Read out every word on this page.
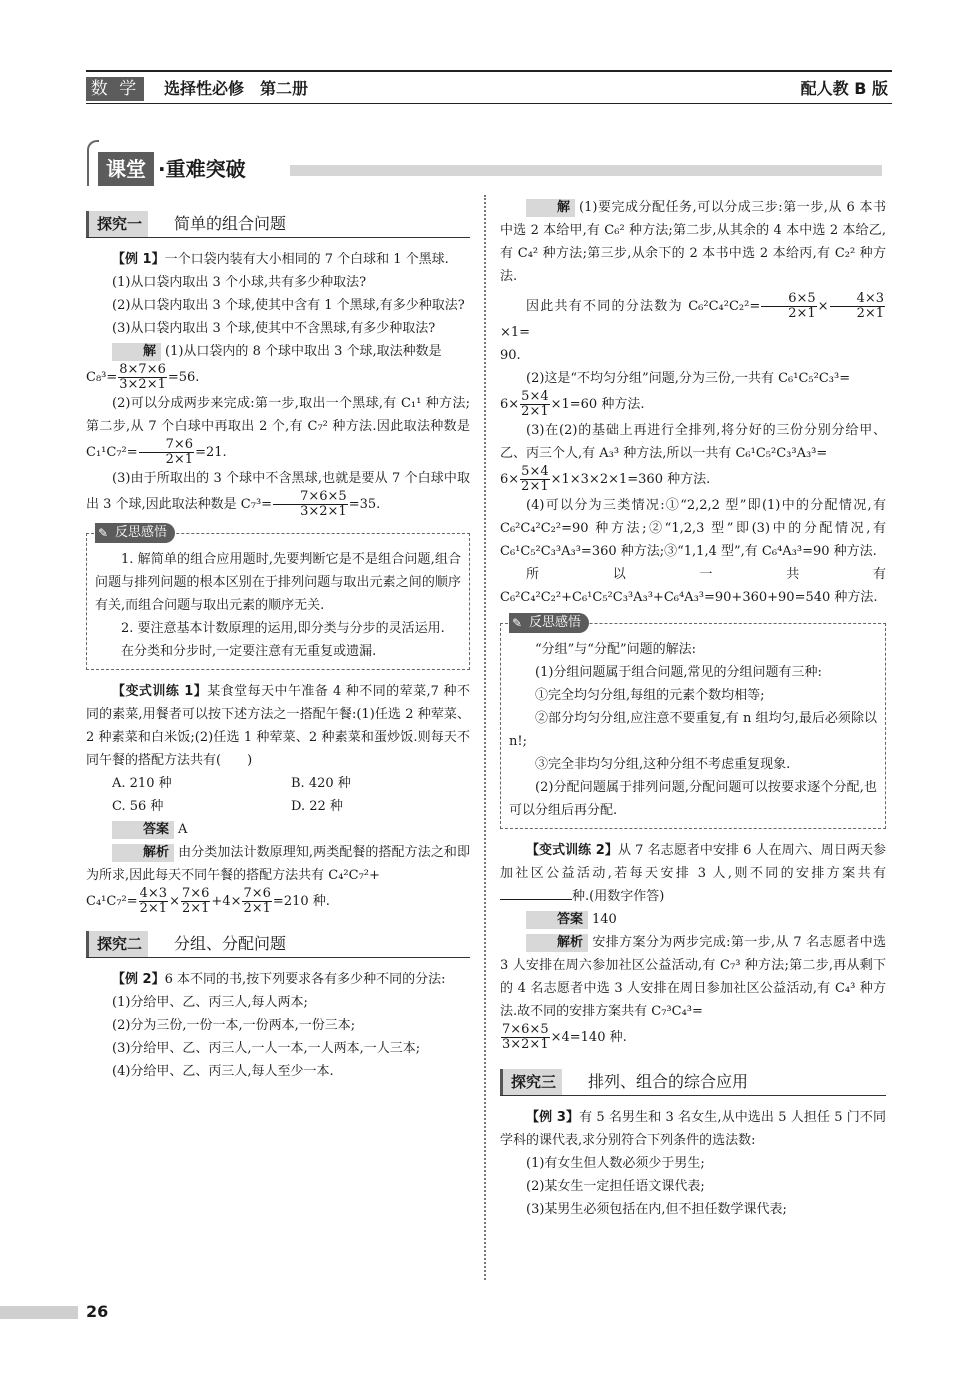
数 学 选择性必修　第二册	配人教 B 版
课堂 ·重难突破
探究一	简单的组合问题

【例 1】一个口袋内装有大小相同的 7 个白球和 1 个黑球.

(1)从口袋内取出 3 个小球,共有多少种取法?

(2)从口袋内取出 3 个球,使其中含有 1 个黑球,有多少种取法?

(3)从口袋内取出 3 个球,使其中不含黑球,有多少种取法?

解 (1)从口袋内的 8 个球中取出 3 个球,取法种数是

$C_8^3= \frac{8\times 7\times 6}{3\times 2\times 1} =56$.

(2)可以分成两步来完成:第一步,取出一个黑球,有 C₁¹ 种方法;第二步,从 7 个白球中再取出 2 个,有 C₇² 种方法.因此取法种数是 $C_1^1C_7^2= \frac{7\times 6}{2\times 1} =21$.

(3)由于所取出的 3 个球中不含黑球,也就是要从 7 个白球中取出 3 个球,因此取法种数是 $C_7^3= \frac{7\times 6\times 5}{3\times 2\times 1} =35$.

✎ 反思感悟

1. 解简单的组合应用题时,先要判断它是不是组合问题,组合问题与排列问题的根本区别在于排列问题与取出元素之间的顺序有关,而组合问题与取出元素的顺序无关.

2. 要注意基本计数原理的运用,即分类与分步的灵活运用.

在分类和分步时,一定要注意有无重复或遗漏.

【变式训练 1】某食堂每天中午准备 4 种不同的荤菜,7 种不同的素菜,用餐者可以按下述方法之一搭配午餐:(1)任选 2 种荤菜、2 种素菜和白米饭;(2)任选 1 种荤菜、2 种素菜和蛋炒饭.则每天不同午餐的搭配方法共有(　　)

A. 210 种	B. 420 种
C. 56 种	D. 22 种

答案 A

解析 由分类加法计数原理知,两类配餐的搭配方法之和即为所求,因此每天不同午餐的搭配方法共有 C₄²C₇²+

$C_4^1C_7^2= \frac{4\times 3}{2\times 1} \times \frac{7\times 6}{2\times 1} +4\times \frac{7\times 6}{2\times 1} =210$ 种.

探究二	分组、分配问题

【例 2】6 本不同的书,按下列要求各有多少种不同的分法:

(1)分给甲、乙、丙三人,每人两本;

(2)分为三份,一份一本,一份两本,一份三本;

(3)分给甲、乙、丙三人,一人一本,一人两本,一人三本;

(4)分给甲、乙、丙三人,每人至少一本.

解 (1)要完成分配任务,可以分成三步:第一步,从 6 本书中选 2 本给甲,有 C₆² 种方法;第二步,从其余的 4 本中选 2 本给乙,有 C₄² 种方法;第三步,从余下的 2 本书中选 2 本给丙,有 C₂² 种方法.

因此共有不同的分法数为 $C_6^2C_4^2C_2^2= \frac{6\times 5}{2\times 1} \times \frac{4\times 3}{2\times 1}$
×1=

90.

(2)这是“不均匀分组”问题,分为三份,一共有 C₆¹C₅²C₃³=

$6\times \frac{5\times 4}{2\times 1} \times 1=60$ 种方法.

(3)在(2)的基础上再进行全排列,将分好的三份分别分给甲、乙、丙三个人,有 A₃³ 种方法,所以一共有 C₆¹C₅²C₃³A₃³=

$6\times \frac{5\times 4}{2\times 1} \times 1\times 3\times 2\times 1=360$ 种方法.

(4)可以分为三类情况:①“2,2,2 型”即(1)中的分配情况,有 C₆²C₄²C₂²=90 种方法;②“1,2,3 型”即(3)中的分配情况,有 C₆¹C₅²C₃³A₃³=360 种方法;③“1,1,4 型”,有 C₆⁴A₃³=90 种方法.

所以一共有 C₆²C₄²C₂²+C₆¹C₅²C₃³A₃³+C₆⁴A₃³=90+360+90=540 种方法.

✎ 反思感悟

“分组”与“分配”问题的解法:

(1)分组问题属于组合问题,常见的分组问题有三种:

①完全均匀分组,每组的元素个数均相等;

②部分均匀分组,应注意不要重复,有 n 组均匀,最后必须除以 n!;

③完全非均匀分组,这种分组不考虑重复现象.

(2)分配问题属于排列问题,分配问题可以按要求逐个分配,也可以分组后再分配.

【变式训练 2】从 7 名志愿者中安排 6 人在周六、周日两天参加社区公益活动,若每天安排 3 人,则不同的安排方案共有种.(用数字作答)

答案 140

解析 安排方案分为两步完成:第一步,从 7 名志愿者中选 3 人安排在周六参加社区公益活动,有 C₇³ 种方法;第二步,再从剩下的 4 名志愿者中选 3 人安排在周日参加社区公益活动,有 C₄³ 种方法.故不同的安排方案共有 C₇³C₄³=

$\frac{7\times 6\times 5}{3\times 2\times 1} \times 4=140$ 种.

探究三	排列、组合的综合应用

【例 3】有 5 名男生和 3 名女生,从中选出 5 人担任 5 门不同学科的课代表,求分别符合下列条件的选法数:

(1)有女生但人数必须少于男生;

(2)某女生一定担任语文课代表;

(3)某男生必须包括在内,但不担任数学课代表;

26
